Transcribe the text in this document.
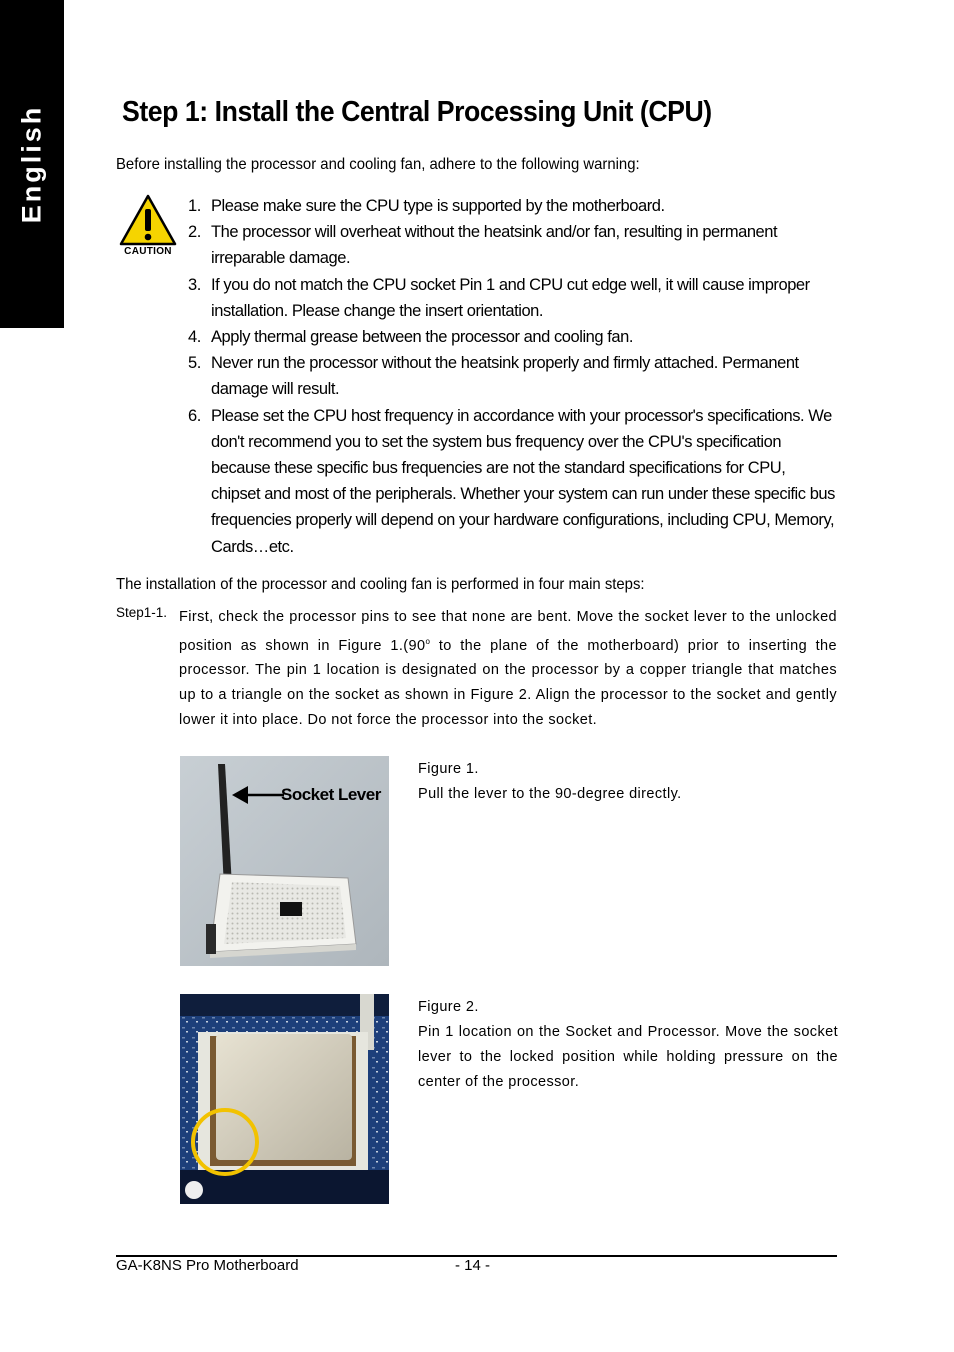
English	Step 1: Install the Central Processing Unit (CPU)
Before installing the processor and cooling fan, adhere to the following warning:
CAUTION
1. Please make sure the CPU type is supported by the motherboard.
2. The processor will overheat without the heatsink and/or fan, resulting in permanent irreparable damage.
3. If you do not match the CPU socket Pin 1 and CPU cut edge well, it will cause improper installation. Please change the insert orientation.
4. Apply thermal grease between the processor and cooling fan.
5. Never run the processor without the heatsink properly and firmly attached. Permanent damage will result.
6. Please set the CPU host frequency in accordance with your processor's specifications. We don't recommend you to set the system bus frequency over the CPU's specification because these specific bus frequencies are not the standard specifications for CPU, chipset and most of the peripherals. Whether your system can run under these specific bus frequencies properly will depend on your hardware configurations, including CPU, Memory, Cards…etc.
The installation of the processor and cooling fan is performed in four main steps:
Step1-1. First, check the processor pins to see that none are bent. Move the socket lever to the unlocked position as shown in Figure 1.(90$^o$ to the plane of the motherboard) prior to inserting the processor. The pin 1 location is designated on the processor by a copper triangle that matches up to a triangle on the socket as shown in Figure 2. Align the processor to the socket and gently lower it into place. Do not force the processor into the socket.

Socket Lever

Figure 1.

Pull the lever to the 90-degree directly.

Figure 2.

Pin 1 location on the Socket and Processor. Move the socket lever to the locked position while holding pressure on the center of the processor.

GA-K8NS Pro Motherboard	- 14 -
